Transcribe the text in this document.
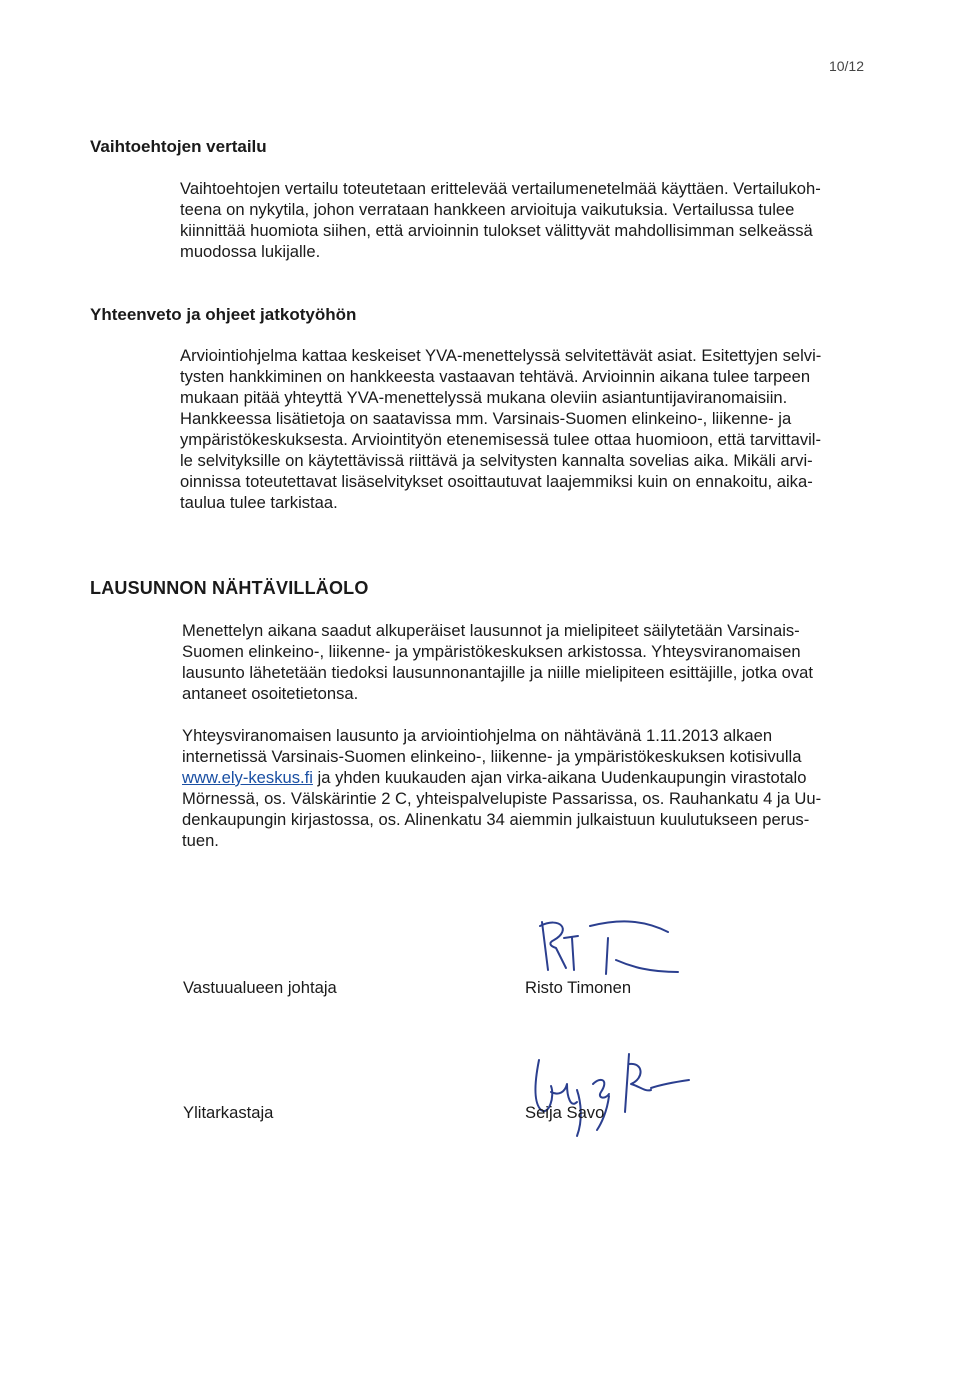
10/12
Vaihtoehtojen vertailu

Vaihtoehtojen vertailu toteutetaan erittelevää vertailumenetelmää käyttäen. Vertailukoh-
teena on nykytila, johon verrataan hankkeen arvioituja vaikutuksia. Vertailussa tulee
kiinnittää huomiota siihen, että arvioinnin tulokset välittyvät mahdollisimman selkeässä
muodossa lukijalle.

Yhteenveto ja ohjeet jatkotyöhön

Arviointiohjelma kattaa keskeiset YVA-menettelyssä selvitettävät asiat. Esitettyjen selvi-
tysten hankkiminen on hankkeesta vastaavan tehtävä. Arvioinnin aikana tulee tarpeen
mukaan pitää yhteyttä YVA-menettelyssä mukana oleviin asiantuntijaviranomaisiin.
Hankkeessa lisätietoja on saatavissa mm. Varsinais-Suomen elinkeino-, liikenne- ja
ympäristökeskuksesta. Arviointityön etenemisessä tulee ottaa huomioon, että tarvittavil-
le selvityksille on käytettävissä riittävä ja selvitysten kannalta sovelias aika. Mikäli arvi-
oinnissa toteutettavat lisäselvitykset osoittautuvat laajemmiksi kuin on ennakoitu, aika-
taulua tulee tarkistaa.

LAUSUNNON NÄHTÄVILLÄOLO

Menettelyn aikana saadut alkuperäiset lausunnot ja mielipiteet säilytetään Varsinais-
Suomen elinkeino-, liikenne- ja ympäristökeskuksen arkistossa. Yhteysviranomaisen
lausunto lähetetään tiedoksi lausunnonantajille ja niille mielipiteen esittäjille, jotka ovat
antaneet osoitetietonsa.

Yhteysviranomaisen lausunto ja arviointiohjelma on nähtävänä 1.11.2013 alkaen
internetissä Varsinais-Suomen elinkeino-, liikenne- ja ympäristökeskuksen kotisivulla
www.ely-keskus.fi ja yhden kuukauden ajan virka-aikana Uudenkaupungin virastotalo
Mörnessä, os. Välskärintie 2 C, yhteispalvelupiste Passarissa, os. Rauhankatu 4 ja Uu-
denkaupungin kirjastossa, os. Alinenkatu 34 aiemmin julkaistuun kuulutukseen perus-
tuen.

Vastuualueen johtaja	Risto Timonen
Ylitarkastaja	Seija Savo
